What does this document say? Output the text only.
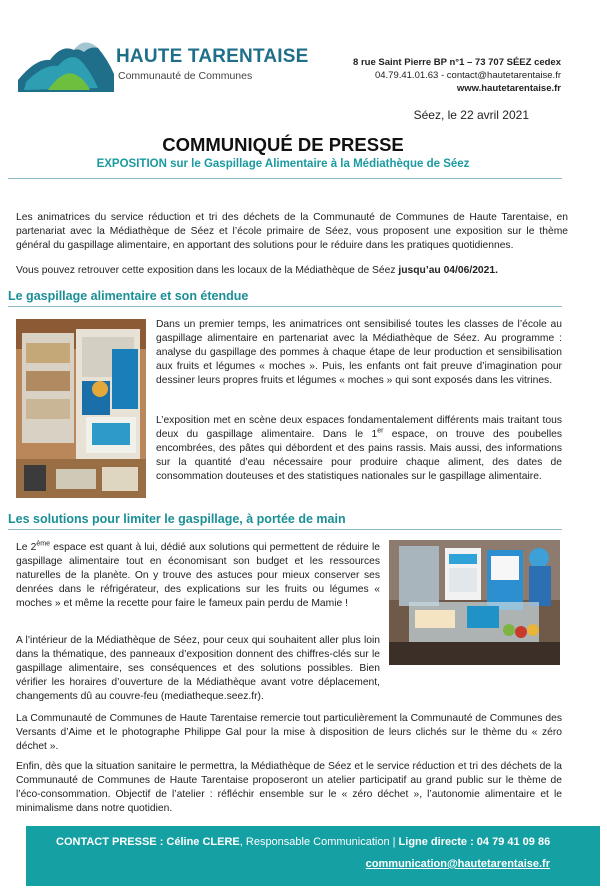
HAUTE TARENTAISE
Communauté de Communes
8 rue Saint Pierre BP n°1 – 73 707 SÉEZ cedex
04.79.41.01.63 - contact@hautetarentaise.fr
www.hautetarentaise.fr
Séez, le 22 avril 2021
COMMUNIQUÉ DE PRESSE
EXPOSITION sur le Gaspillage Alimentaire à la Médiathèque de Séez
Les animatrices du service réduction et tri des déchets de la Communauté de Communes de Haute Tarentaise, en partenariat avec la Médiathèque de Séez et l’école primaire de Séez, vous proposent une exposition sur le thème général du gaspillage alimentaire, en apportant des solutions pour le réduire dans les pratiques quotidiennes.
Vous pouvez retrouver cette exposition dans les locaux de la Médiathèque de Séez jusqu’au 04/06/2021.
Le gaspillage alimentaire et son étendue
Dans un premier temps, les animatrices ont sensibilisé toutes les classes de l’école au gaspillage alimentaire en partenariat avec la Médiathèque de Séez. Au programme : analyse du gaspillage des pommes à chaque étape de leur production et sensibilisation aux fruits et légumes « moches ». Puis, les enfants ont fait preuve d’imagination pour dessiner leurs propres fruits et légumes « moches » qui sont exposés dans les vitrines.
L’exposition met en scène deux espaces fondamentalement différents mais traitant tous deux du gaspillage alimentaire. Dans le 1er espace, on trouve des poubelles encombrées, des pâtes qui débordent et des pains rassis. Mais aussi, des informations sur la quantité d’eau nécessaire pour produire chaque aliment, des dates de consommation douteuses et des statistiques nationales sur le gaspillage alimentaire.
Les solutions pour limiter le gaspillage, à portée de main
Le 2ème espace est quant à lui, dédié aux solutions qui permettent de réduire le gaspillage alimentaire tout en économisant son budget et les ressources naturelles de la planète. On y trouve des astuces pour mieux conserver ses denrées dans le réfrigérateur, des explications sur les fruits ou légumes « moches » et même la recette pour faire le fameux pain perdu de Mamie !
A l’intérieur de la Médiathèque de Séez, pour ceux qui souhaitent aller plus loin dans la thématique, des panneaux d’exposition donnent des chiffres-clés sur le gaspillage alimentaire, ses conséquences et des solutions possibles. Bien vérifier les horaires d’ouverture de la Médiathèque avant votre déplacement, changements dû au couvre-feu (mediatheque.seez.fr).
La Communauté de Communes de Haute Tarentaise remercie tout particulièrement la Communauté de Communes des Versants d’Aime et le photographe Philippe Gal pour la mise à disposition de leurs clichés sur le thème du « zéro déchet ».
Enfin, dès que la situation sanitaire le permettra, la Médiathèque de Séez et le service réduction et tri des déchets de la Communauté de Communes de Haute Tarentaise proposeront un atelier participatif au grand public sur le thème de l’éco-consommation. Objectif de l’atelier : réfléchir ensemble sur le « zéro déchet », l’autonomie alimentaire et le minimalisme dans notre quotidien.
CONTACT PRESSE : Céline CLERE, Responsable Communication | Ligne directe : 04 79 41 09 86
communication@hautetarentaise.fr
